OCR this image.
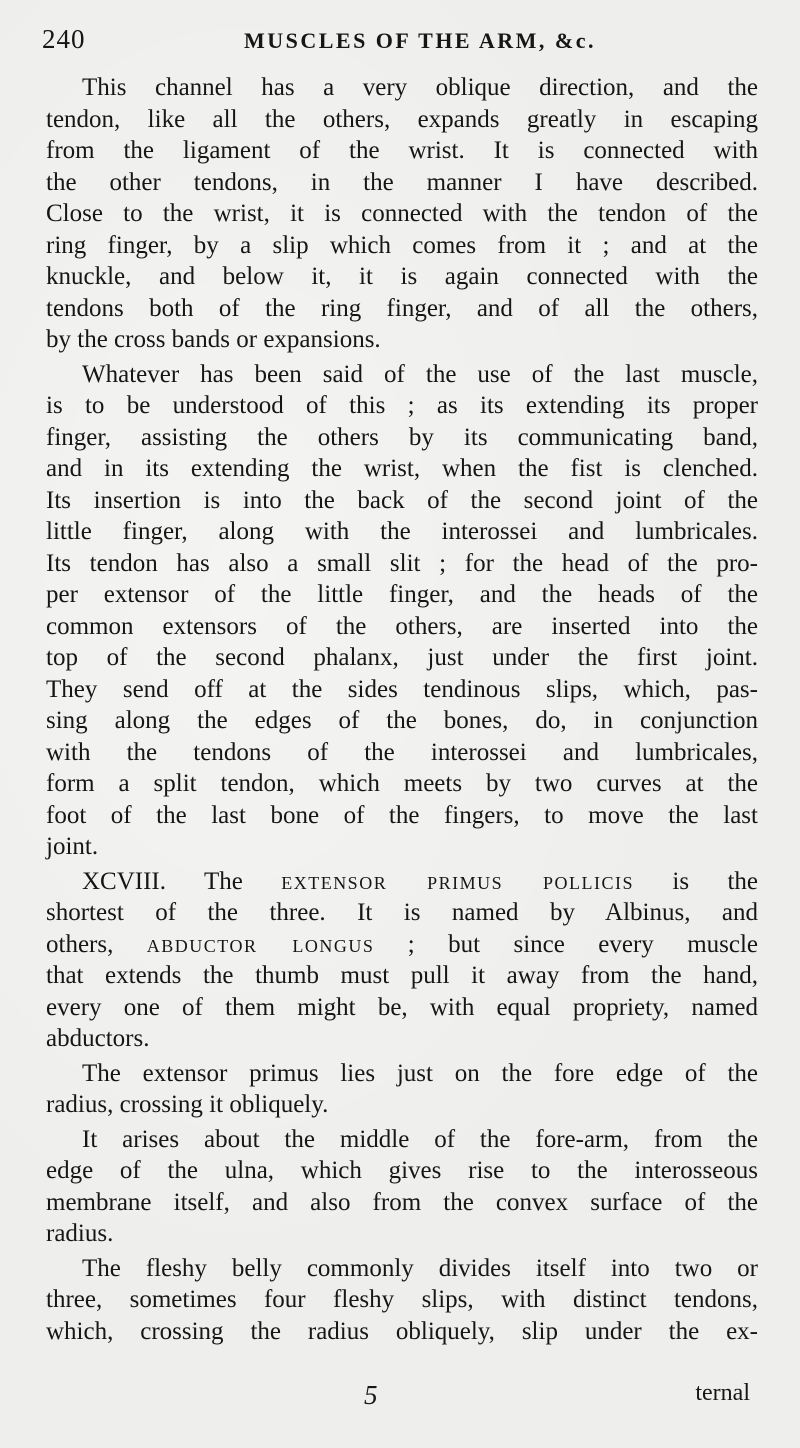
240	MUSCLES OF THE ARM, &c.
This channel has a very oblique direction, and the
tendon, like all the others, expands greatly in escaping
from the ligament of the wrist. It is connected with
the other tendons, in the manner I have described.
Close to the wrist, it is connected with the tendon of the
ring finger, by a slip which comes from it ; and at the
knuckle, and below it, it is again connected with the
tendons both of the ring finger, and of all the others,
by the cross bands or expansions.
Whatever has been said of the use of the last muscle,
is to be understood of this ; as its extending its proper
finger, assisting the others by its communicating band,
and in its extending the wrist, when the fist is clenched.
Its insertion is into the back of the second joint of the
little finger, along with the interossei and lumbricales.
Its tendon has also a small slit ; for the head of the pro-
per extensor of the little finger, and the heads of the
common extensors of the others, are inserted into the
top of the second phalanx, just under the first joint.
They send off at the sides tendinous slips, which, pas-
sing along the edges of the bones, do, in conjunction
with the tendons of the interossei and lumbricales,
form a split tendon, which meets by two curves at the
foot of the last bone of the fingers, to move the last
joint.
XCVIII. The extensor primus pollicis is the
shortest of the three. It is named by Albinus, and
others, abductor longus ; but since every muscle
that extends the thumb must pull it away from the hand,
every one of them might be, with equal propriety, named
abductors.
The extensor primus lies just on the fore edge of the
radius, crossing it obliquely.
It arises about the middle of the fore-arm, from the
edge of the ulna, which gives rise to the interosseous
membrane itself, and also from the convex surface of the
radius.
The fleshy belly commonly divides itself into two or
three, sometimes four fleshy slips, with distinct tendons,
which, crossing the radius obliquely, slip under the ex-
5	ternal
